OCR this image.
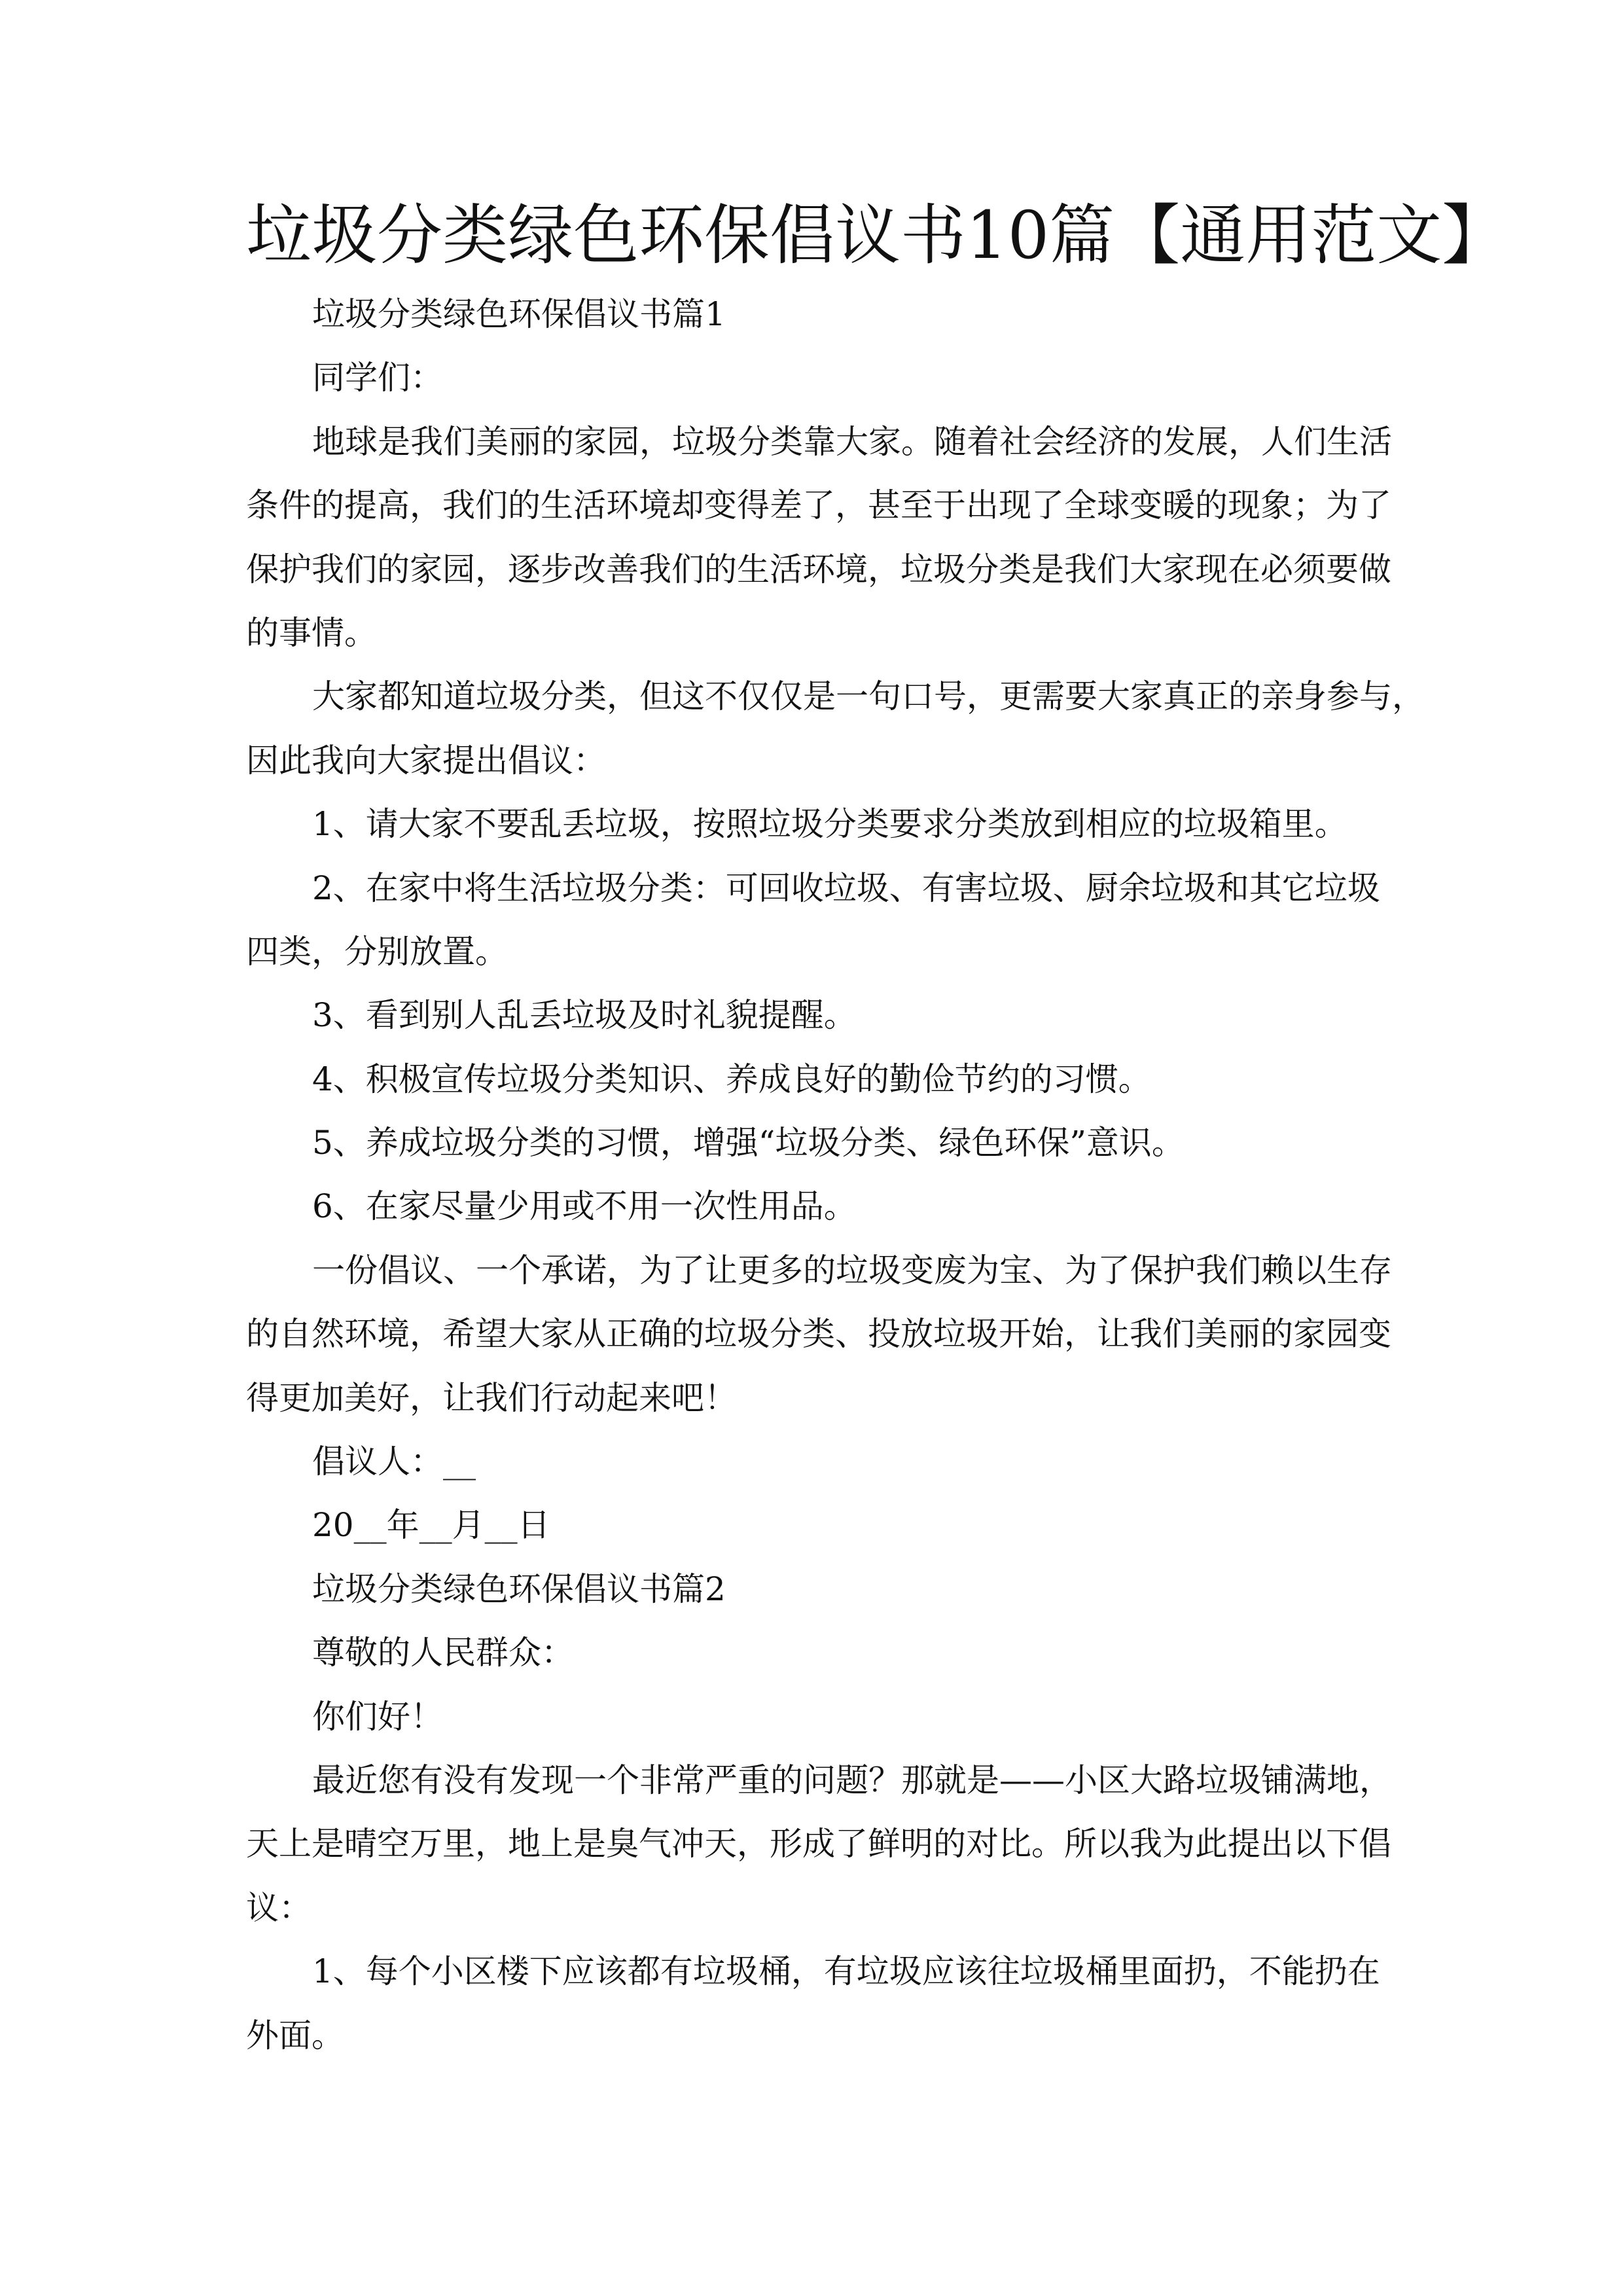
垃圾分类绿色环保倡议书10篇【通用范文】
垃圾分类绿色环保倡议书篇1
同学们：
地球是我们美丽的家园，垃圾分类靠大家。随着社会经济的发展，人们生活
条件的提高，我们的生活环境却变得差了，甚至于出现了全球变暖的现象；为了
保护我们的家园，逐步改善我们的生活环境，垃圾分类是我们大家现在必须要做
的事情。
大家都知道垃圾分类，但这不仅仅是一句口号，更需要大家真正的亲身参与，
因此我向大家提出倡议：
1、请大家不要乱丢垃圾，按照垃圾分类要求分类放到相应的垃圾箱里。
2、在家中将生活垃圾分类：可回收垃圾、有害垃圾、厨余垃圾和其它垃圾
四类，分别放置。
3、看到别人乱丢垃圾及时礼貌提醒。
4、积极宣传垃圾分类知识、养成良好的勤俭节约的习惯。
5、养成垃圾分类的习惯，增强“垃圾分类、绿色环保”意识。
6、在家尽量少用或不用一次性用品。
一份倡议、一个承诺，为了让更多的垃圾变废为宝、为了保护我们赖以生存
的自然环境，希望大家从正确的垃圾分类、投放垃圾开始，让我们美丽的家园变
得更加美好，让我们行动起来吧！
倡议人：__
20__年__月__日
垃圾分类绿色环保倡议书篇2
尊敬的人民群众：
你们好！
最近您有没有发现一个非常严重的问题？那就是——小区大路垃圾铺满地，
天上是晴空万里，地上是臭气冲天，形成了鲜明的对比。所以我为此提出以下倡
议：
1、每个小区楼下应该都有垃圾桶，有垃圾应该往垃圾桶里面扔，不能扔在
外面。
